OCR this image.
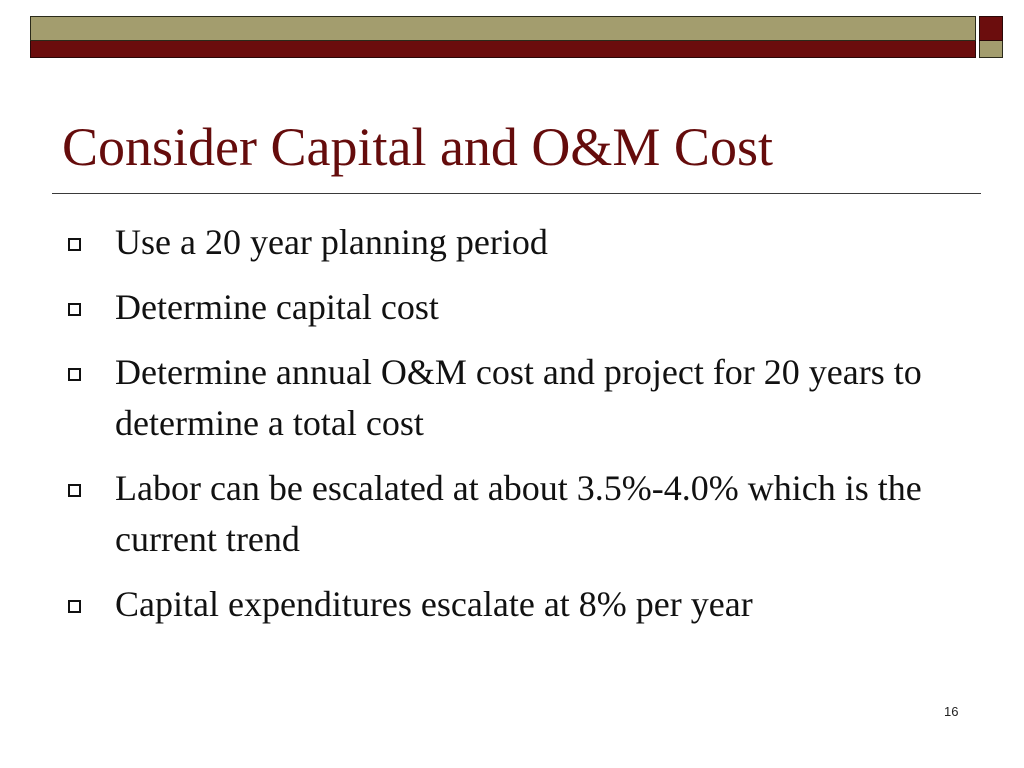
Consider Capital and O&M Cost
Use a 20 year planning period
Determine capital cost
Determine annual O&M cost and project for 20 years to determine a total cost
Labor can be escalated at about 3.5%-4.0% which is the current trend
Capital expenditures escalate at 8% per year
16
